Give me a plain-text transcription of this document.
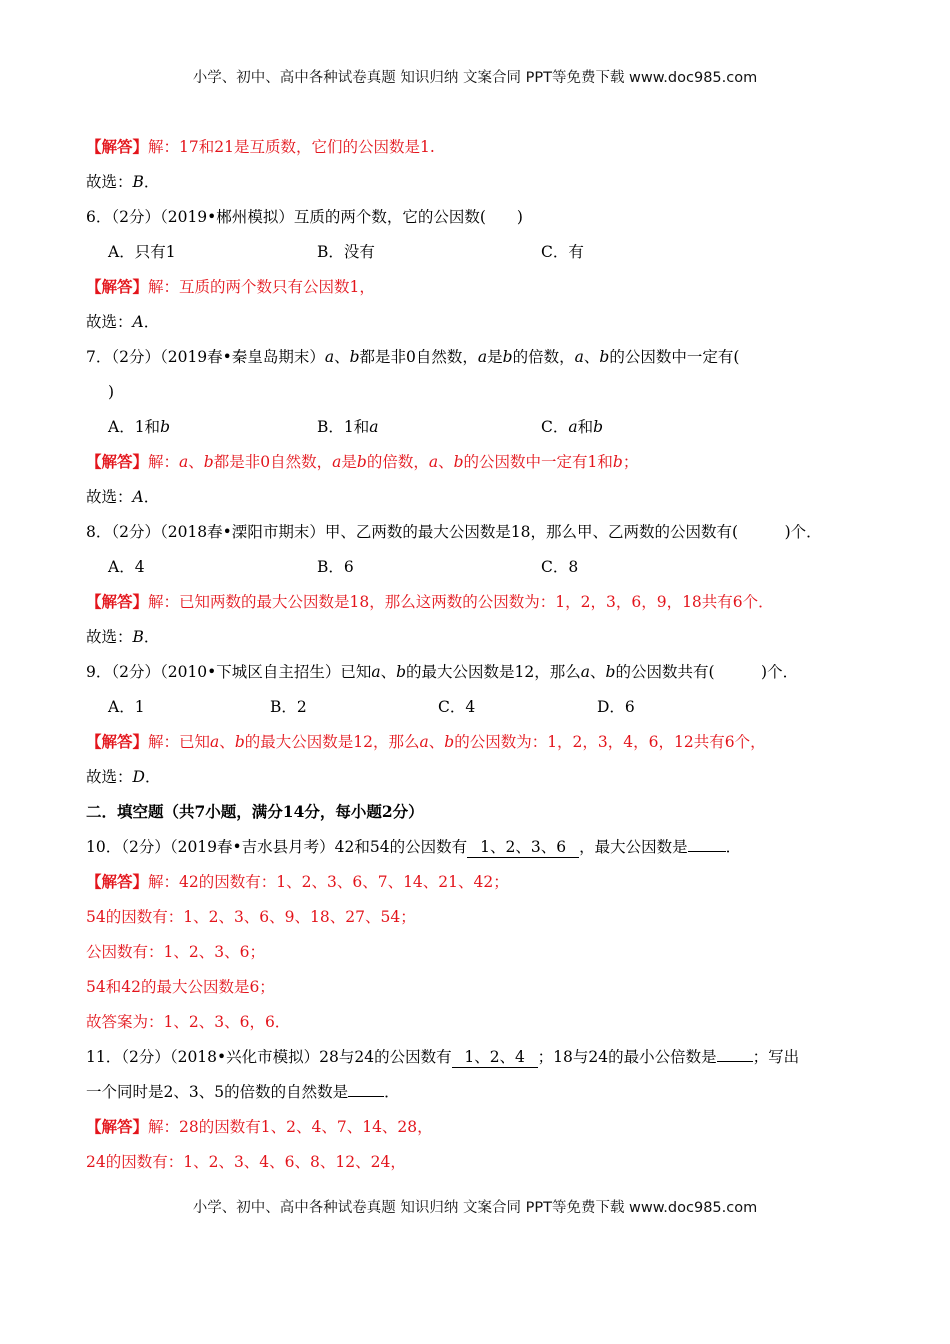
小学、初中、高中各种试卷真题 知识归纳 文案合同 PPT等免费下载 www.doc985.com
【解答】解：17和21是互质数，它们的公因数是1.
故选：B．
6．（2分）（2019•郴州模拟）互质的两个数，它的公因数(　　)
A．只有1	B．没有	C．有
【解答】解：互质的两个数只有公因数1，
故选：A．
7．（2分）（2019春•秦皇岛期末）a、b都是非0自然数，a是b的倍数，a、b的公因数中一定有(
)
A．1和b	B．1和a	C．a和b
【解答】解：a、b都是非0自然数，a是b的倍数，a、b的公因数中一定有1和b；
故选：A．
8．（2分）（2018春•溧阳市期末）甲、乙两数的最大公因数是18，那么甲、乙两数的公因数有(　　　)个．
A．4	B．6	C．8
【解答】解：已知两数的最大公因数是18，那么这两数的公因数为：1，2，3，6，9，18共有6个．
故选：B．
9．（2分）（2010•下城区自主招生）已知a、b的最大公因数是12，那么a、b的公因数共有(　　　)个．
A．1	B．2	C．4	D．6
【解答】解：已知a、b的最大公因数是12，那么a、b的公因数为：1，2，3，4，6，12共有6个，
故选：D．
二．填空题（共7小题，满分14分，每小题2分）
10．（2分）（2019春•吉水县月考）42和54的公因数有 1、2、3、6 ，最大公因数是 ．
【解答】解：42的因数有：1、2、3、6、7、14、21、42；
54的因数有：1、2、3、6、9、18、27、54；
公因数有：1、2、3、6；
54和42的最大公因数是6；
故答案为：1、2、3、6，6．
11．（2分）（2018•兴化市模拟）28与24的公因数有 1、2、4 ；18与24的最小公倍数是 ；写出
一个同时是2、3、5的倍数的自然数是 ．
【解答】解：28的因数有1、2、4、7、14、28，
24的因数有：1、2、3、4、6、8、12、24，
小学、初中、高中各种试卷真题 知识归纳 文案合同 PPT等免费下载 www.doc985.com
